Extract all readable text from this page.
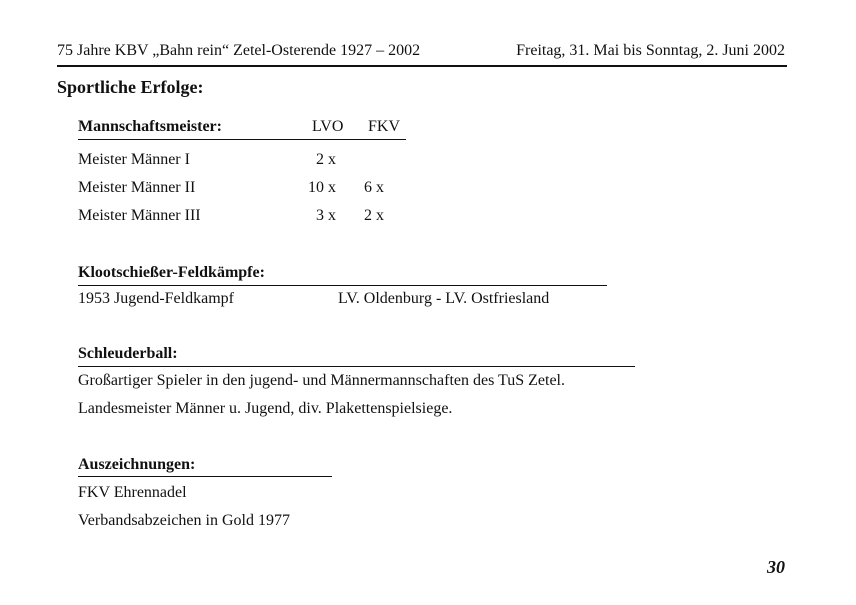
75 Jahre KBV „Bahn rein“ Zetel-Osterende 1927 – 2002	Freitag, 31. Mai bis Sonntag, 2. Juni 2002
Sportliche Erfolge:
Mannschaftsmeister:	LVO FKV
Meister Männer I	2 x
Meister Männer II	10 x	6 x
Meister Männer III	3 x	2 x
Klootschießer-Feldkämpfe:
1953 Jugend-Feldkampf	LV. Oldenburg - LV. Ostfriesland
Schleuderball:
Großartiger Spieler in den jugend- und Männermannschaften des TuS Zetel.
Landesmeister Männer u. Jugend, div. Plakettenspielsiege.
Auszeichnungen:
FKV Ehrennadel
Verbandsabzeichen in Gold 1977
30
